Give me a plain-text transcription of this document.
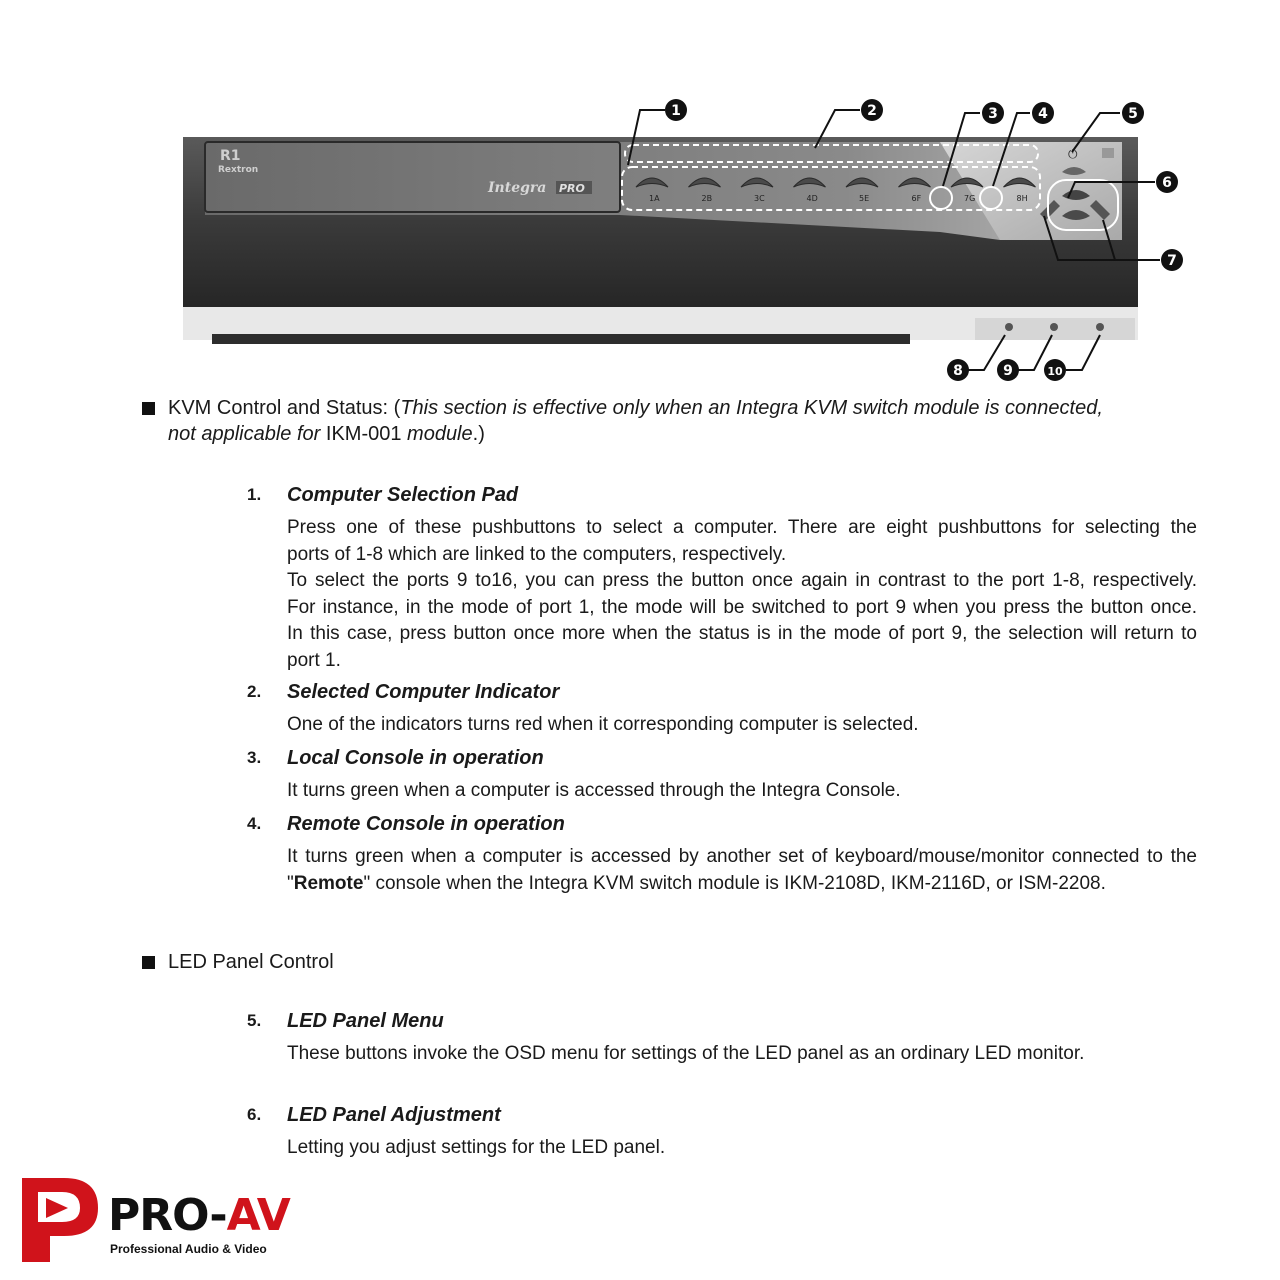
R1
Rextron
Integra PRO
1A	2B	3C	4D	5E	6F	7G	8H
⏻
1	2	3	4	5
6
7
8	9	10
KVM Control and Status: (This section is effective only when an Integra KVM switch module is connected,
not applicable for IKM-001 module.)
1. Computer Selection Pad

Press one of these pushbuttons to select a computer. There are eight pushbuttons for selecting the

ports of 1-8 which are linked to the computers, respectively.

To select the ports 9 to16, you can press the button once again in contrast to the port 1-8, respectively.

For instance, in the mode of port 1, the mode will be switched to port 9 when you press the button once.

In this case, press button once more when the status is in the mode of port 9, the selection will return to

port 1.

2. Selected Computer Indicator
One of the indicators turns red when it corresponding computer is selected.
3. Local Console in operation
It turns green when a computer is accessed through the Integra Console.
4. Remote Console in operation
It turns green when a computer is accessed by another set of keyboard/mouse/monitor connected to the "Remote" console when the Integra KVM switch module is IKM-2108D, IKM-2116D, or ISM-2208.
LED Panel Control
5. LED Panel Menu
These buttons invoke the OSD menu for settings of the LED panel as an ordinary LED monitor.
6. LED Panel Adjustment
Letting you adjust settings for the LED panel.
PRO-AV
Professional Audio & Video
